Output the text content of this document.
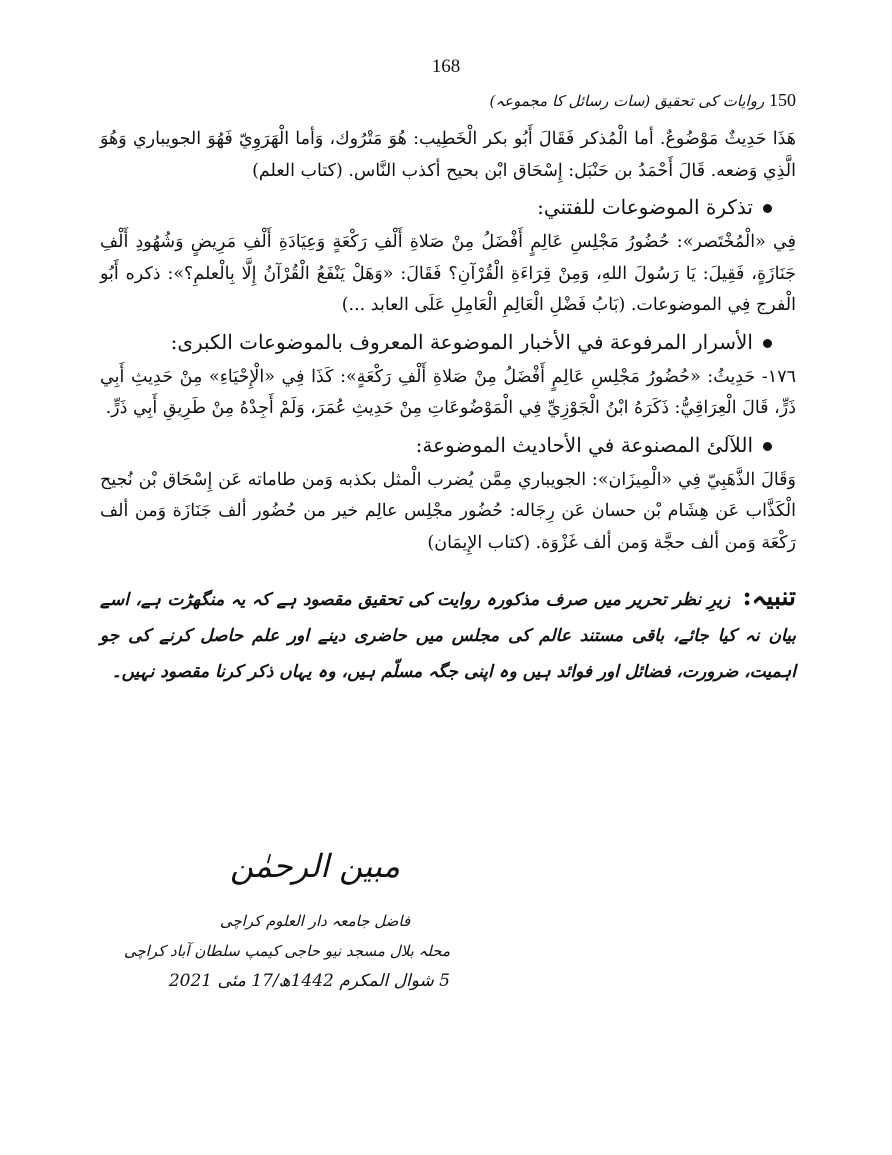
168
150 روایات کی تحقیق (سات رسائل کا مجموعہ)

هَذَا حَدِيثٌ مَوْضُوعٌ. أما الْمُذكر فَقَالَ أَبُو بكر الْخَطِيب: هُوَ مَتْرُوك، وَأما الْهَرَوِيّ فَهُوَ الجويباري وَهُوَ الَّذِي وَضعه. قَالَ أَحْمَدُ بن حَنْبَل: إِسْحَاق ابْن بحيح أكذب النَّاس. (كتاب العلم)

تذكرة الموضوعات للفتني:

فِي «الْمُخْتَصر»: حُضُورُ مَجْلِسِ عَالِمٍ أَفْضَلُ مِنْ صَلاةِ أَلْفِ رَكْعَةٍ وَعِيَادَةِ أَلْفِ مَرِيضٍ وَشُهُودِ أَلْفِ جَنَازَةٍ، فَقِيلَ: يَا رَسُولَ اللهِ، وَمِنْ قِرَاءَةِ الْقُرْآنِ؟ فَقَالَ: «وَهَلْ يَنْفَعُ الْقُرْآنُ إِلَّا بِالْعلمِ؟»: ذكره أَبُو الْفرج فِي الموضوعات. (بَابُ فَضْلِ الْعَالِمِ الْعَامِلِ عَلَى العابد ...)

الأسرار المرفوعة في الأخبار الموضوعة المعروف بالموضوعات الكبرى:

١٧٦- حَدِيثُ: «حُضُورُ مَجْلِسِ عَالِمٍ أَفْضَلُ مِنْ صَلاةِ أَلْفِ رَكْعَةٍ»: كَذَا فِي «الْإِحْيَاءِ» مِنْ حَدِيثِ أَبِي ذَرٍّ، قَالَ الْعِرَاقِيُّ: ذَكَرَهُ ابْنُ الْجَوْزِيِّ فِي الْمَوْضُوعَاتِ مِنْ حَدِيثِ عُمَرَ، وَلَمْ أَجِدْهُ مِنْ طَرِيقِ أَبِي ذَرٍّ.

اللآلئ المصنوعة في الأحاديث الموضوعة:

وَقَالَ الذَّهَبِيّ فِي «الْمِيزَان»: الجويباري مِمَّن يُضرب الْمثل بكذبه وَمن طاماته عَن إِسْحَاق بْن نُجيح الْكَذَّاب عَن هِشَام بْن حسان عَن رِجَاله: حُضُور مجْلِس عالِم خير من حُضُور ألف جَنَازَة وَمن ألف رَكْعَة وَمن ألف حجَّة وَمن ألف غَزْوَة. (كتاب الإِيمَان)

تنبیہ: زیرِ نظر تحریر میں صرف مذکورہ روایت کی تحقیق مقصود ہے کہ یہ منگھڑت ہے، اسے بیان نہ کیا جائے، باقی مستند عالم کی مجلس میں حاضری دینے اور علم حاصل کرنے کی جو اہمیت، ضرورت، فضائل اور فوائد ہیں وہ اپنی جگہ مسلّم ہیں، وہ یہاں ذکر کرنا مقصود نہیں۔

مبین الرحمٰن
فاضل جامعہ دار العلوم کراچی
محلہ بلال مسجد نیو حاجی کیمپ سلطان آباد کراچی
5 شوال المکرم 1442ھ/17 مئی 2021
